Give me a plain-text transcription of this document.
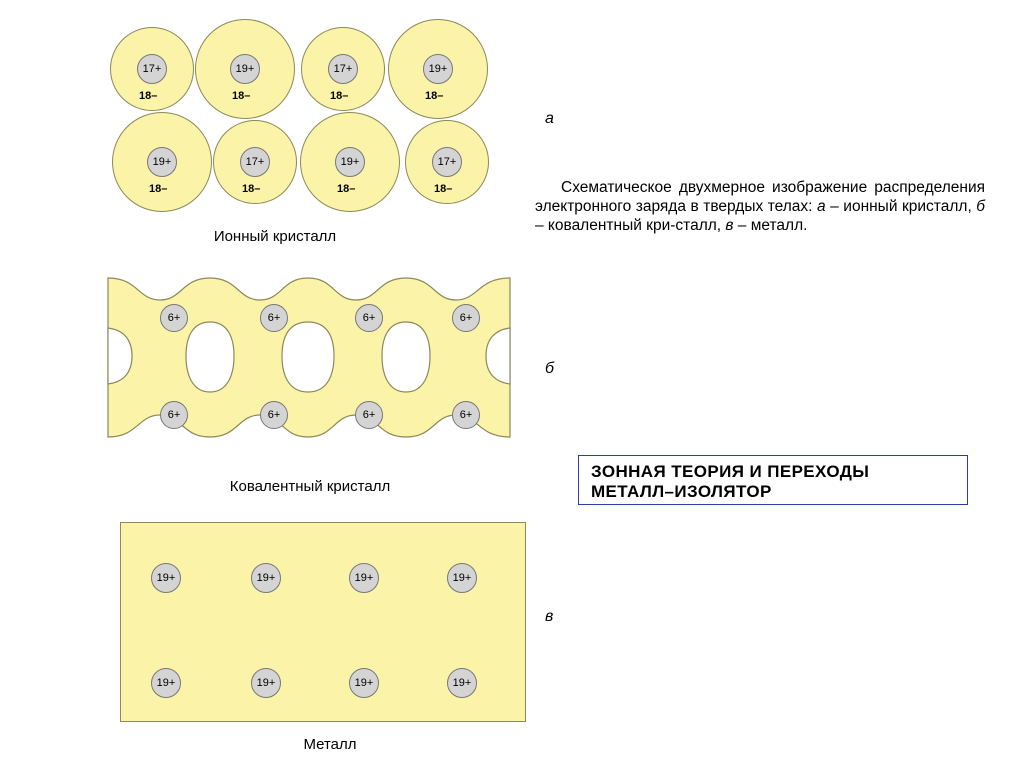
17+
18–
19+
18–
17+
18–
19+
18–
19+
18–
17+
18–
19+
18–
17+
18–
Ионный кристалл
а
6+	6+	6+	6+
6+	6+	6+	6+
Ковалентный кристалл
б
19+	19+	19+	19+
19+	19+	19+	19+
Металл
в
Схематическое двухмерное изображение распределения электронного заряда в твердых телах: а – ионный кристалл, б – ковалентный кри-сталл, в – металл.
ЗОННАЯ ТЕОРИЯ И ПЕРЕХОДЫ
МЕТАЛЛ–ИЗОЛЯТОР
